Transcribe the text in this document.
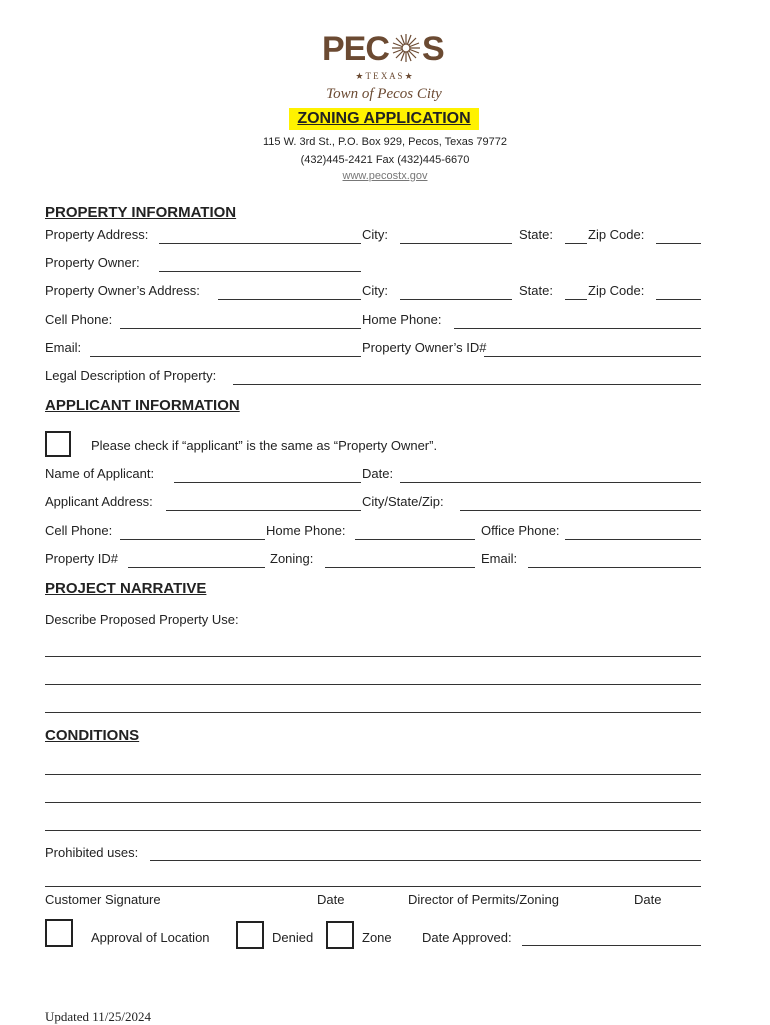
PEC S
★ T E X A S ★
Town of Pecos City
ZONING APPLICATION
115 W. 3rd St., P.O. Box 929, Pecos, Texas 79772
(432)445-2421 Fax (432)445-6670
www.pecostx.gov
PROPERTY INFORMATION
Property Address:	City:	State:	Zip Code:
Property Owner:
Property Owner’s Address:	City:	State:	Zip Code:
Cell Phone:	Home Phone:
Email:	Property Owner’s ID#
Legal Description of Property:
APPLICANT INFORMATION
Please check if “applicant” is the same as “Property Owner”.
Name of Applicant:	Date:
Applicant Address:	City/State/Zip:
Cell Phone:	Home Phone:	Office Phone:
Property ID#	Zoning:	Email:
PROJECT NARRATIVE
Describe Proposed Property Use:
CONDITIONS
Prohibited uses:
Customer Signature	Date	Director of Permits/Zoning	Date
Approval of Location	Denied	Zone Date Approved:
Updated 11/25/2024
